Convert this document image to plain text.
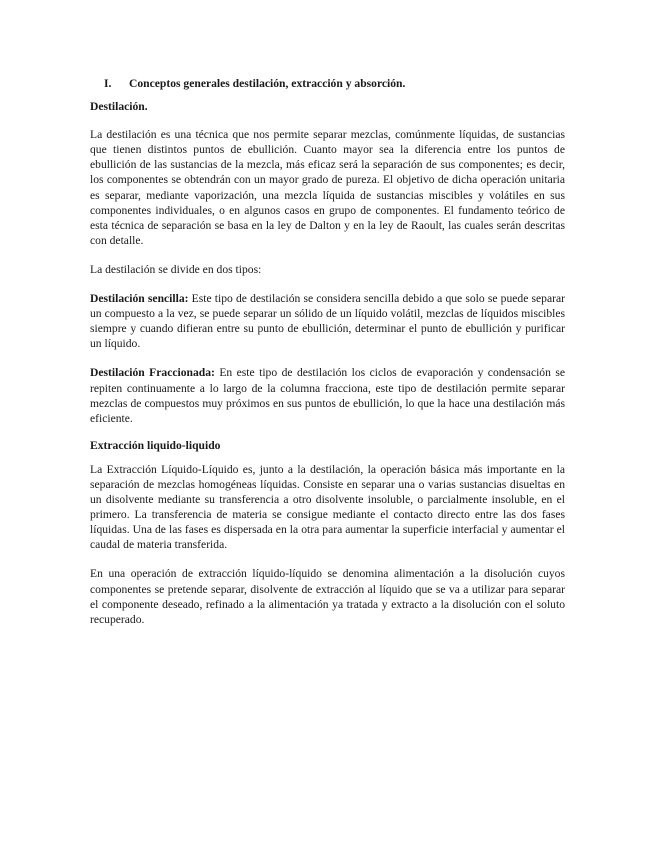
I.	Conceptos generales destilación, extracción y absorción.
Destilación.

La destilación es una técnica que nos permite separar mezclas, comúnmente líquidas, de sustancias que tienen distintos puntos de ebullición. Cuanto mayor sea la diferencia entre los puntos de ebullición de las sustancias de la mezcla, más eficaz será la separación de sus componentes; es decir, los componentes se obtendrán con un mayor grado de pureza. El objetivo de dicha operación unitaria es separar, mediante vaporización, una mezcla líquida de sustancias miscibles y volátiles en sus componentes individuales, o en algunos casos en grupo de componentes. El fundamento teórico de esta técnica de separación se basa en la ley de Dalton y en la ley de Raoult, las cuales serán descritas con detalle.

La destilación se divide en dos tipos:

Destilación sencilla: Este tipo de destilación se considera sencilla debido a que solo se puede separar un compuesto a la vez, se puede separar un sólido de un líquido volátil, mezclas de líquidos miscibles siempre y cuando difieran entre su punto de ebullición, determinar el punto de ebullición y purificar un líquido.

Destilación Fraccionada: En este tipo de destilación los ciclos de evaporación y condensación se repiten continuamente a lo largo de la columna fracciona, este tipo de destilación permite separar mezclas de compuestos muy próximos en sus puntos de ebullición, lo que la hace una destilación más eficiente.

Extracción liquido-liquido

La Extracción Líquido-Líquido es, junto a la destilación, la operación básica más importante en la separación de mezclas homogéneas líquidas. Consiste en separar una o varias sustancias disueltas en un disolvente mediante su transferencia a otro disolvente insoluble, o parcialmente insoluble, en el primero. La transferencia de materia se consigue mediante el contacto directo entre las dos fases líquidas. Una de las fases es dispersada en la otra para aumentar la superficie interfacial y aumentar el caudal de materia transferida.

En una operación de extracción líquido-líquido se denomina alimentación a la disolución cuyos componentes se pretende separar, disolvente de extracción al líquido que se va a utilizar para separar el componente deseado, refinado a la alimentación ya tratada y extracto a la disolución con el soluto recuperado.
